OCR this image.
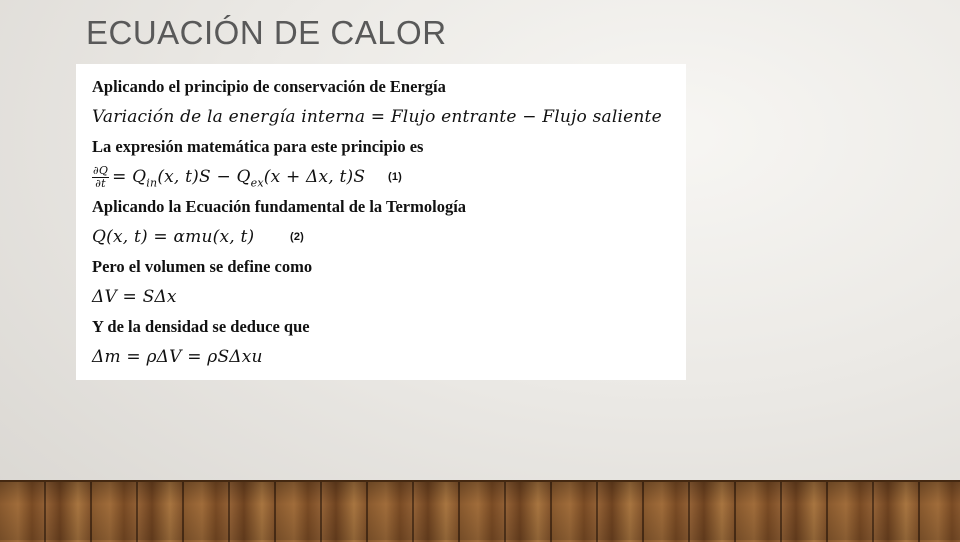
ECUACIÓN DE CALOR
Aplicando el principio de conservación de Energía
Variación de la energía interna = Flujo entrante − Flujo saliente
La expresión matemática para este principio es
$\frac{\partial Q}{\partial t} = Q_{in}(x$, $t)S - Q_{ex}(x + \Delta x$, t)S (1)
Aplicando la Ecuación fundamental de la Termología
Q(x, t) = αmu(x, t)	(2)
Pero el volumen se define como
ΔV = SΔx
Y de la densidad se deduce que
Δm = ρΔV = ρSΔxu
